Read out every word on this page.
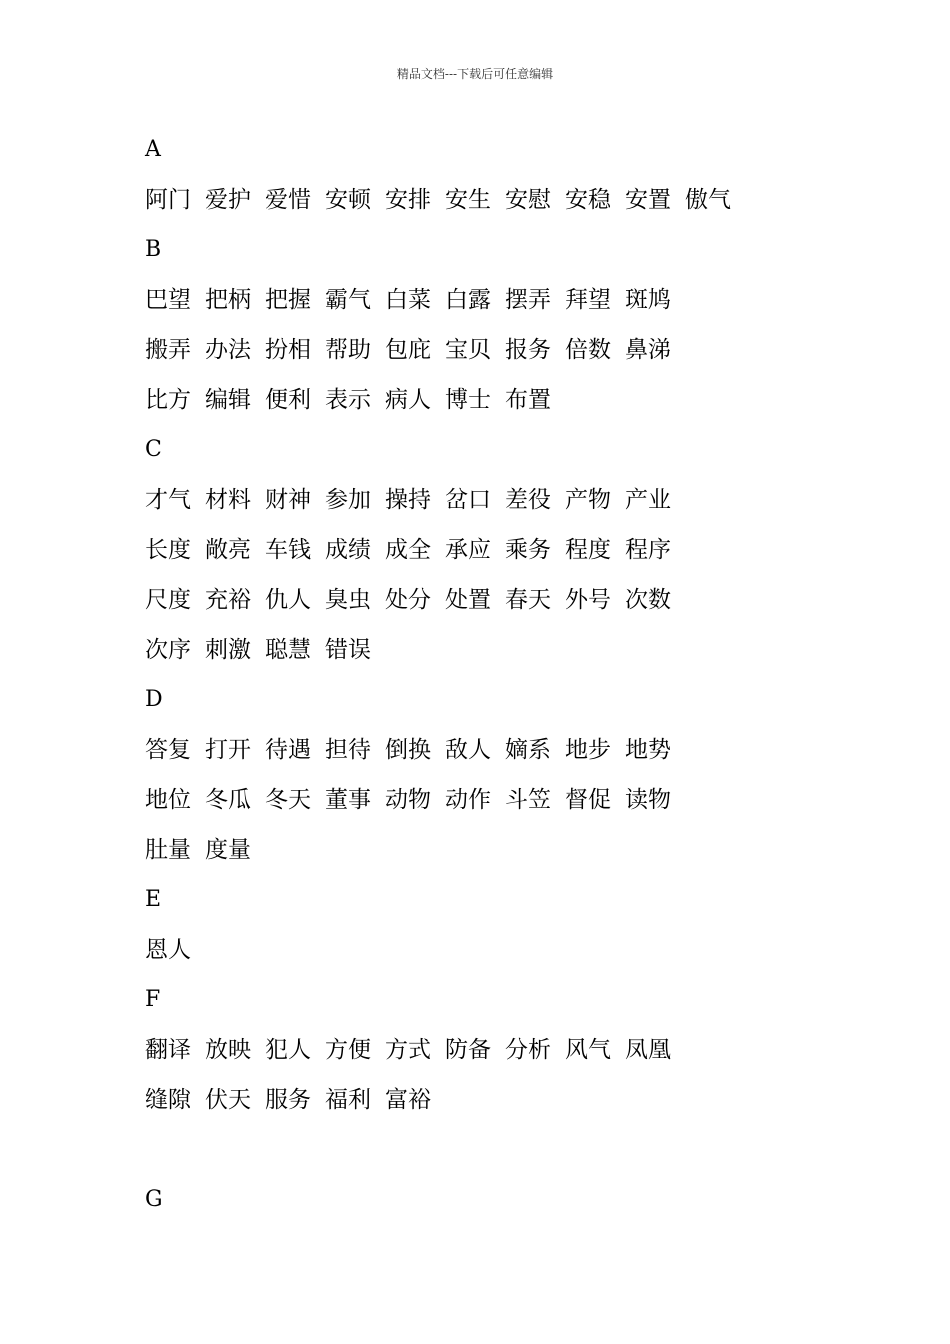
精品文档---下载后可任意编辑
A
阿门 爱护 爱惜 安顿 安排 安生 安慰 安稳 安置 傲气
B
巴望 把柄 把握 霸气 白菜 白露 摆弄 拜望 斑鸠
搬弄 办法 扮相 帮助 包庇 宝贝 报务 倍数 鼻涕
比方 编辑 便利 表示 病人 博士 布置
C
才气 材料 财神 参加 操持 岔口 差役 产物 产业
长度 敞亮 车钱 成绩 成全 承应 乘务 程度 程序
尺度 充裕 仇人 臭虫 处分 处置 春天 外号 次数
次序 刺激 聪慧 错误
D
答复 打开 待遇 担待 倒换 敌人 嫡系 地步 地势
地位 冬瓜 冬天 董事 动物 动作 斗笠 督促 读物
肚量 度量
E
恩人
F
翻译 放映 犯人 方便 方式 防备 分析 风气 凤凰
缝隙 伏天 服务 福利 富裕
G
